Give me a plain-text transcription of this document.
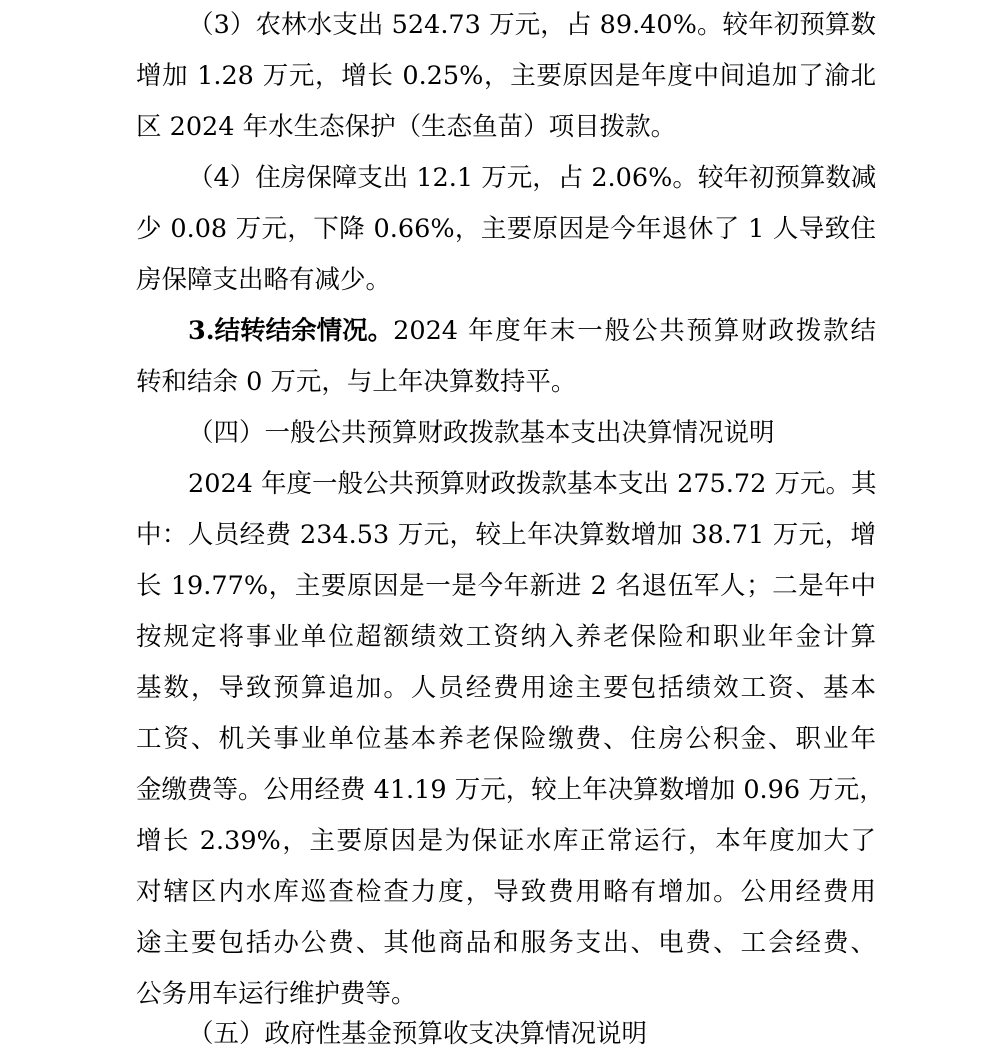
（3）农林水支出 524.73 万元，占 89.40%。较年初预算数
增加 1.28 万元，增长 0.25%，主要原因是年度中间追加了渝北
区 2024 年水生态保护（生态鱼苗）项目拨款。
（4）住房保障支出 12.1 万元，占 2.06%。较年初预算数减
少 0.08 万元，下降 0.66%，主要原因是今年退休了 1 人导致住
房保障支出略有减少。
3.结转结余情况。 2024 年度年末一般公共预算财政拨款结
转和结余 0 万元，与上年决算数持平。
（四）一般公共预算财政拨款基本支出决算情况说明
2024 年度一般公共预算财政拨款基本支出 275.72 万元。其
中：人员经费 234.53 万元，较上年决算数增加 38.71 万元，增
长 19.77%，主要原因是一是今年新进 2 名退伍军人；二是年中
按规定将事业单位超额绩效工资纳入养老保险和职业年金计算
基数，导致预算追加。人员经费用途主要包括绩效工资、基本
工资、机关事业单位基本养老保险缴费、住房公积金、职业年
金缴费等。公用经费 41.19 万元，较上年决算数增加 0.96 万元，
增长 2.39%，主要原因是为保证水库正常运行，本年度加大了
对辖区内水库巡查检查力度，导致费用略有增加。公用经费用
途主要包括办公费、其他商品和服务支出、电费、工会经费、
公务用车运行维护费等。
（五）政府性基金预算收支决算情况说明
